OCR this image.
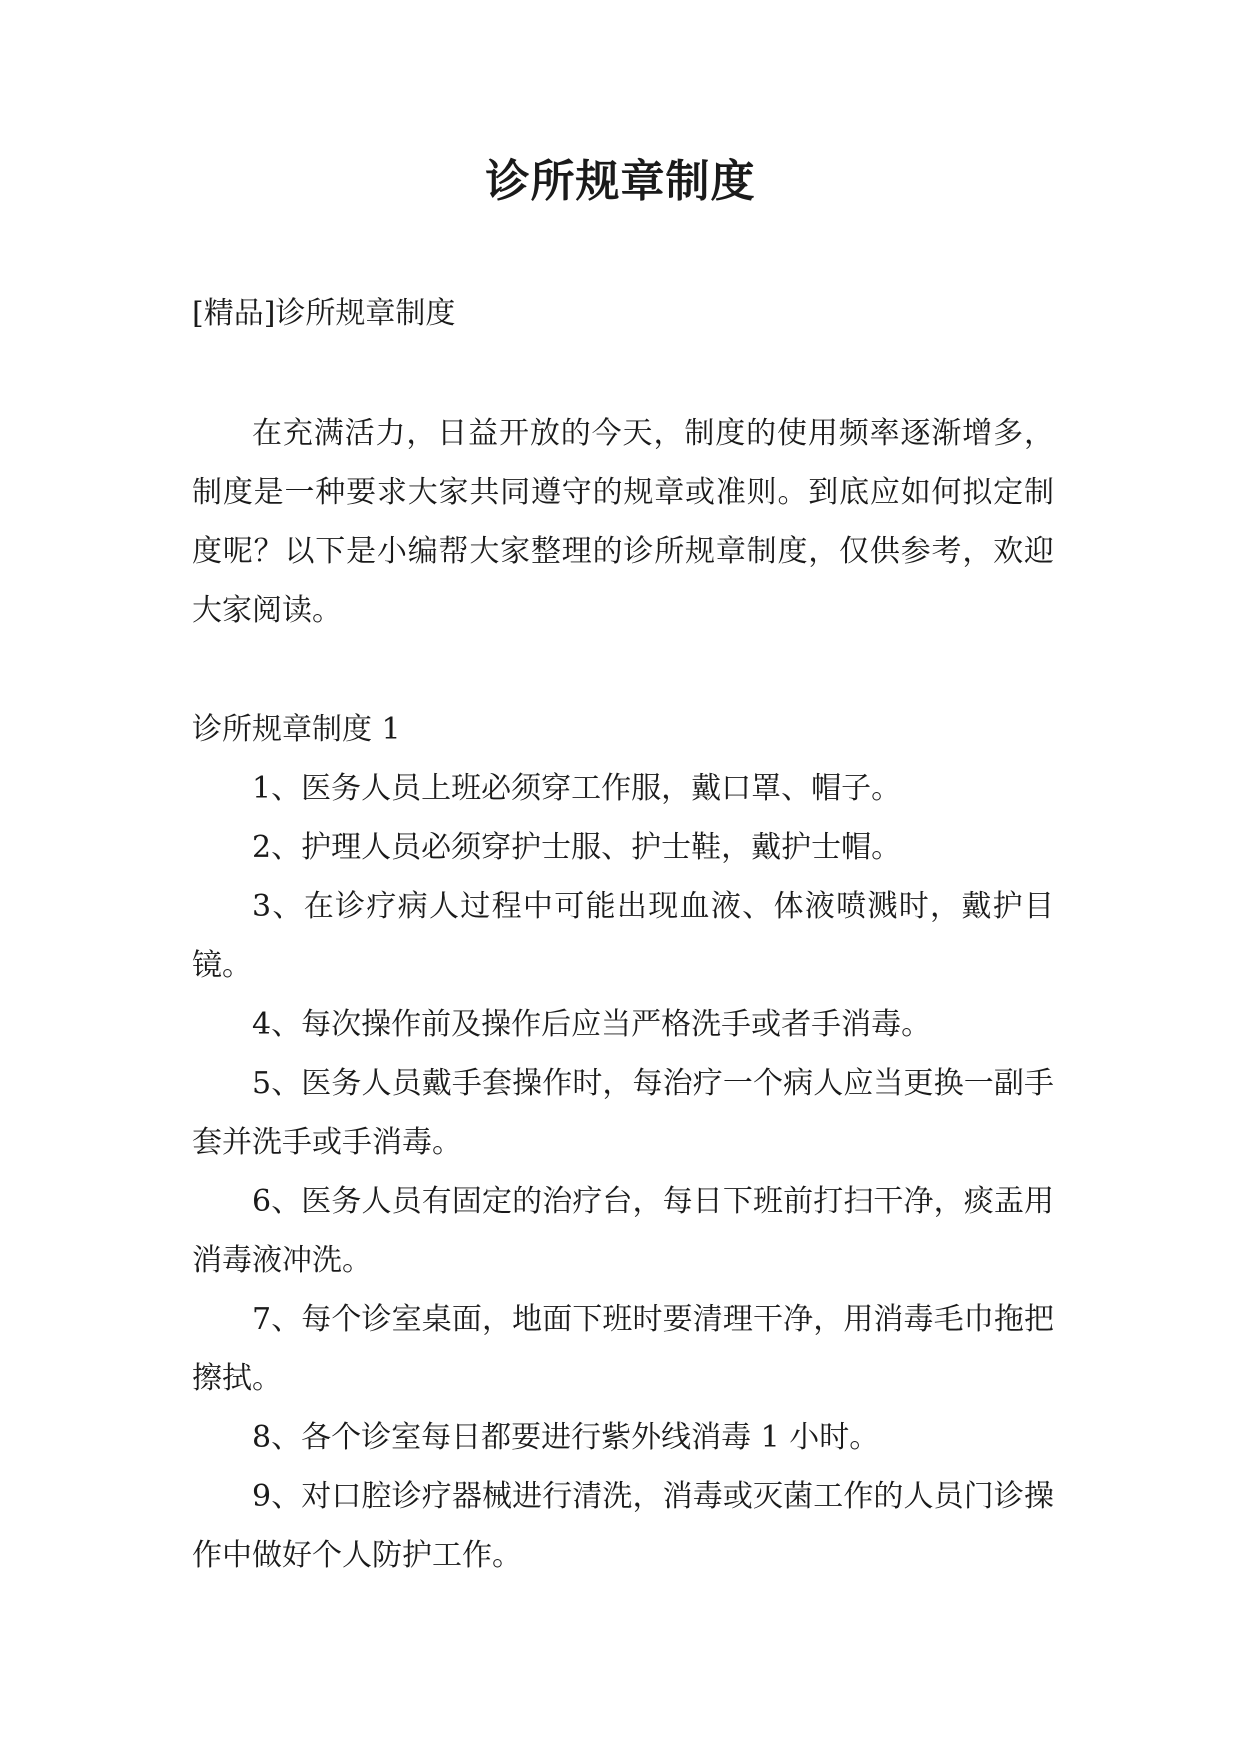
诊所规章制度

[精品]诊所规章制度

在充满活力，日益开放的今天，制度的使用频率逐渐增多，制度是一种要求大家共同遵守的规章或准则。到底应如何拟定制度呢？以下是小编帮大家整理的诊所规章制度，仅供参考，欢迎大家阅读。

诊所规章制度 1

1、医务人员上班必须穿工作服，戴口罩、帽子。
2、护理人员必须穿护士服、护士鞋，戴护士帽。
3、在诊疗病人过程中可能出现血液、体液喷溅时，戴护目镜。
4、每次操作前及操作后应当严格洗手或者手消毒。
5、医务人员戴手套操作时，每治疗一个病人应当更换一副手套并洗手或手消毒。
6、医务人员有固定的治疗台，每日下班前打扫干净，痰盂用消毒液冲洗。
7、每个诊室桌面，地面下班时要清理干净，用消毒毛巾拖把擦拭。
8、各个诊室每日都要进行紫外线消毒 1 小时。
9、对口腔诊疗器械进行清洗，消毒或灭菌工作的人员门诊操作中做好个人防护工作。
